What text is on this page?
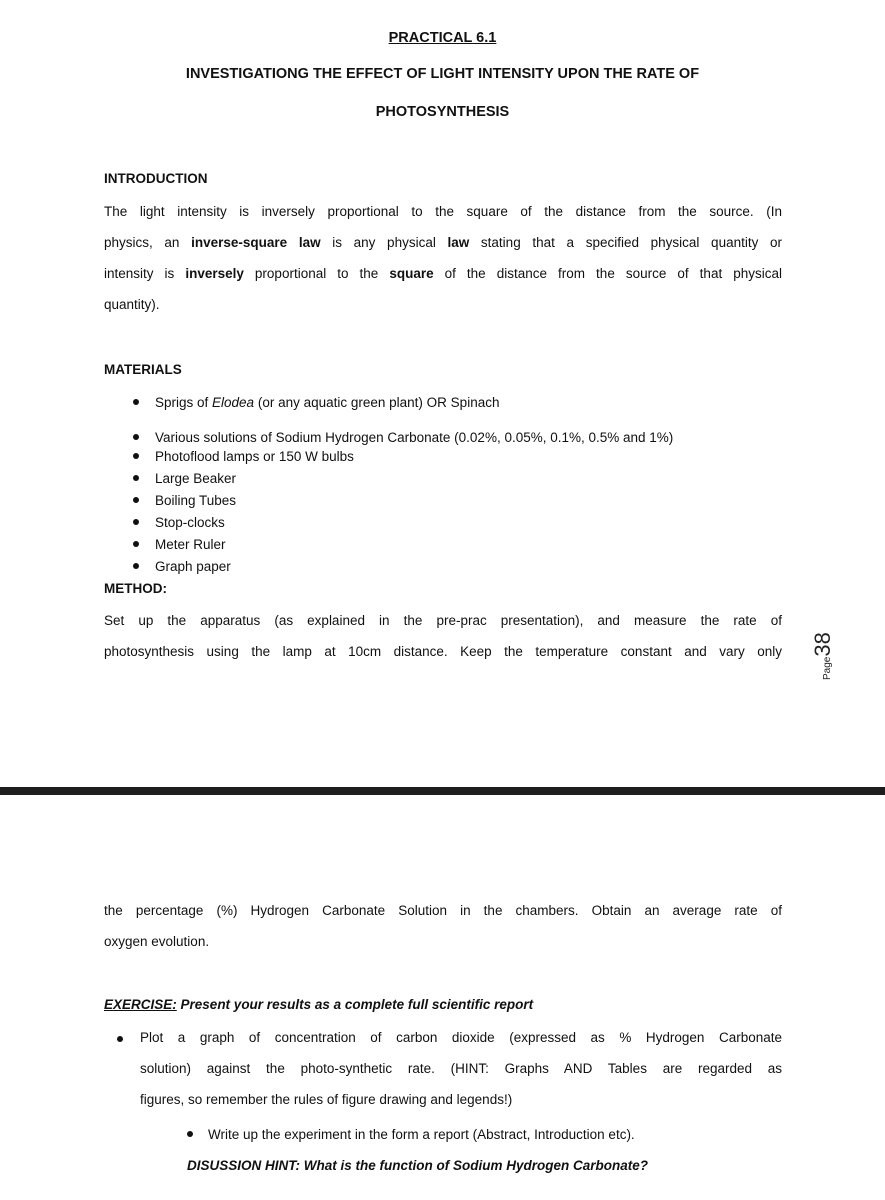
PRACTICAL 6.1
INVESTIGATIONG THE EFFECT OF LIGHT INTENSITY UPON THE RATE OF
PHOTOSYNTHESIS
INTRODUCTION
The light intensity is inversely proportional to the square of the distance from the source. (In
physics, an inverse-square law is any physical law stating that a specified physical quantity or
intensity is inversely proportional to the square of the distance from the source of that physical
quantity).
MATERIALS
Sprigs of Elodea (or any aquatic green plant) OR Spinach
Various solutions of Sodium Hydrogen Carbonate (0.02%, 0.05%, 0.1%, 0.5% and 1%)
Photoflood lamps or 150 W bulbs
Large Beaker
Boiling Tubes
Stop-clocks
Meter Ruler
Graph paper
METHOD:
Set up the apparatus (as explained in the pre-prac presentation), and measure the rate of
photosynthesis using the lamp at 10cm distance. Keep the temperature constant and vary only
Page38
the percentage (%) Hydrogen Carbonate Solution in the chambers. Obtain an average rate of
oxygen evolution.
EXERCISE: Present your results as a complete full scientific report
Plot a graph of concentration of carbon dioxide (expressed as % Hydrogen Carbonate
solution) against the photo-synthetic rate. (HINT: Graphs AND Tables are regarded as
figures, so remember the rules of figure drawing and legends!)
Write up the experiment in the form a report (Abstract, Introduction etc).
DISUSSION HINT: What is the function of Sodium Hydrogen Carbonate?
